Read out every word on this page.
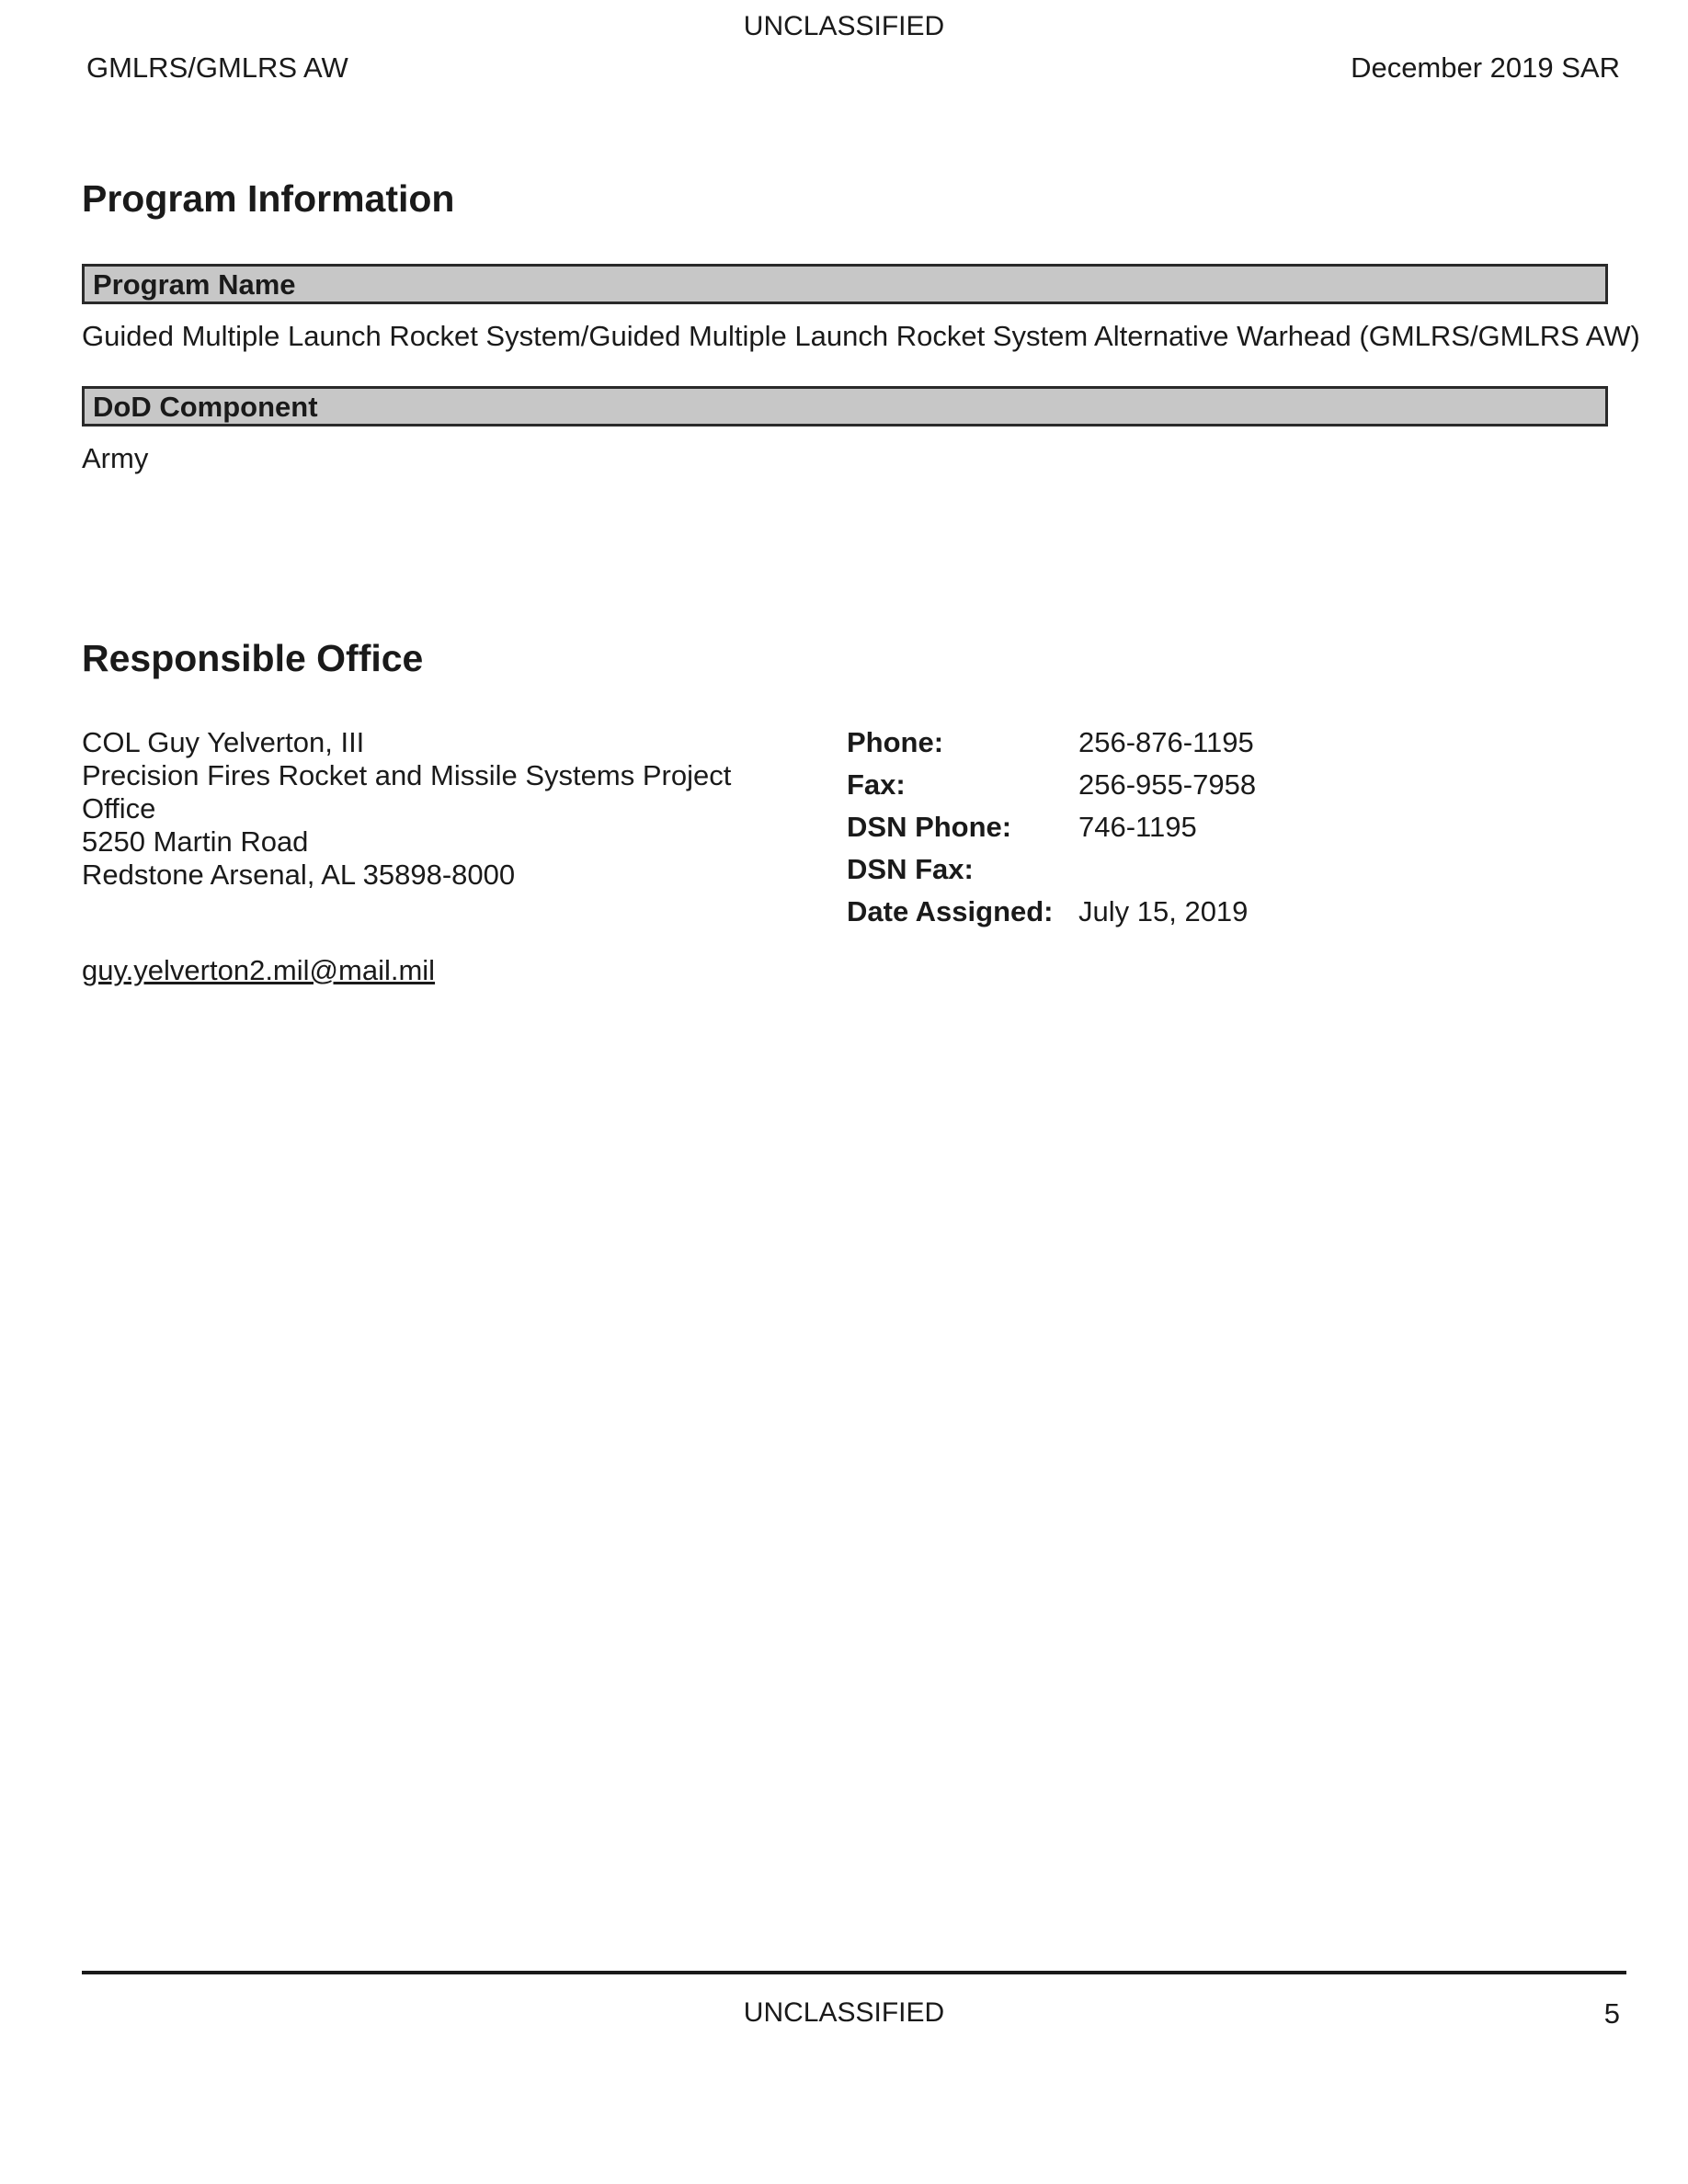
UNCLASSIFIED
GMLRS/GMLRS AW	December 2019 SAR
Program Information
Program Name
Guided Multiple Launch Rocket System/Guided Multiple Launch Rocket System Alternative Warhead (GMLRS/GMLRS AW)
DoD Component
Army
Responsible Office
COL Guy Yelverton, III
Precision Fires Rocket and Missile Systems Project
Office
5250 Martin Road
Redstone Arsenal, AL 35898-8000
Phone:	256-876-1195
Fax:	256-955-7958
DSN Phone:	746-1195
DSN Fax:	
Date Assigned:	July 15, 2019
guy.yelverton2.mil@mail.mil
UNCLASSIFIED	5
